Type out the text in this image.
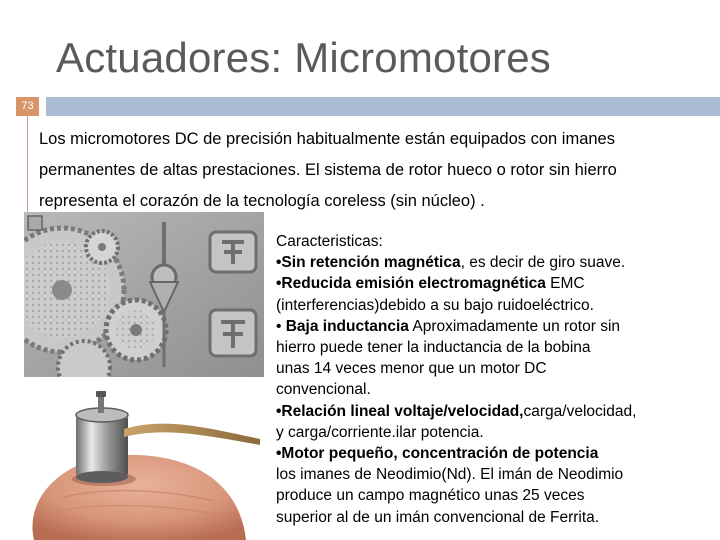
Actuadores: Micromotores
73
Los micromotores DC de precisión habitualmente están equipados con imanes
permanentes de altas prestaciones. El sistema de rotor hueco o rotor sin hierro
representa el corazón de la tecnología coreless (sin núcleo) .
Caracteristicas:
•Sin retención magnética, es decir de giro suave.
•Reducida emisión electromagnética EMC
(interferencias)debido a su bajo ruidoeléctrico.
• Baja inductancia Aproximadamente un rotor sin
hierro puede tener la inductancia de la bobina
unas 14 veces menor que un motor DC
convencional.
•Relación lineal voltaje/velocidad,carga/velocidad,
y carga/corriente.ilar potencia.
•Motor pequeño, concentración de potencia
los imanes de Neodimio(Nd). El imán de Neodimio
produce un campo magnético unas 25 veces
superior al de un imán convencional de Ferrita.
